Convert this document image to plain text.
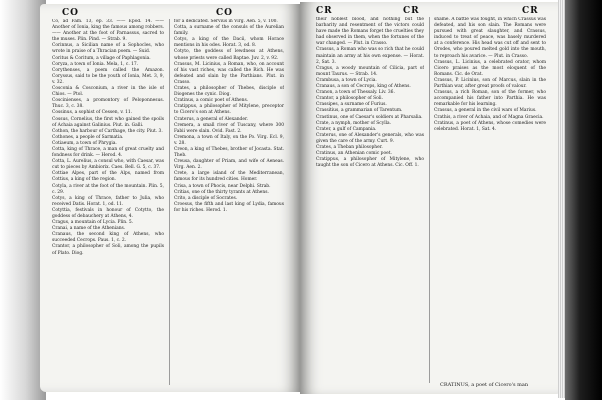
CO	CO

Co, ad Fam. 13, ep. 33. —— Epod. 14. —— Another of Ionia, king the famous among robbers. —— Another at the foot of Parnassus, sacred to the muses. Plin. Pind. — Strab. 9.

Corinnus, a Sicilian name of a Sophocles, who wrote in praise of a Thracian poem. — Suid.

Coritus & Coritum, a village of Paphlagonia.

Coryza, a town of Ionia. Mela, 1, c. 17.

Corythenses, a poem called the Amazon. Coryssus, said to be the youth of Ionia, Met. 3, 9, v. 32.

Cosconia & Cosconium, a river in the isle of Chios. — Ptol.

Coscinienses, a promontory of Peloponnesus. Thuc. 3, c. 38.

Cossinus, a sophist of Cessen, v. 11.

Cossus, Cornelius, the first who gained the spoils of Achaia against Galinius. Piut. in. Galli.

Cothon, the harbour of Carthage, the city. Piut. 3.

Cothones, a people of Sarmatia.

Cotiaeum, a town of Phrygia.

Cotta, king of Thrace, a man of great cruelty and fondness for drink. — Herod. 4.

Cotta, L. Aurelius, a consul who, with Caesar, was cut to pieces by Ambiorix. Caes. Bell. G. 5, c. 37.

Cottiae Alpes, part of the Alps, named from Cottius, a king of the region.

Cotyla, a river at the foot of the mountain. Plin. 5, c. 29.

Cotys, a king of Thrace, father to Julia, who received Datis. Horat. 1, od. 11.

Cotyttia, festivals in honour of Cotytto, the goddess of debauchery at Athens, 4.

Cragus, a mountain of Lycia. Plin. 5.

Cranai, a name of the Athenians.

Cranaus, the second king of Athens, who succeeded Cecrops. Paus. 1, c. 2.

Crantor, a philosopher of Soli, among the pupils of Plato. Diog.

for a dedicated. Servius in Virg. Aen. 5, v. 100.

Cotta, a surname of the consuls of the Aurelian family.

Cotys, a king of the Dacii, whom Horace mentions in his odes. Horat. 3, od. 8.

Cotyto, the goddess of lewdness at Athens, whose priests were called Baptae. Juv. 2, v. 92.

Crassus, M. Licinius, a Roman, who, on account of his vast riches, was called the Rich. He was defeated and slain by the Parthians. Plut. in Crasso.

Crates, a philosopher of Thebes, disciple of Diogenes the cynic. Diog.

Cratinus, a comic poet of Athens.

Cratippus, a philosopher of Mitylene, preceptor to Cicero's son at Athens.

Craterus, a general of Alexander.

Cremera, a small river of Tuscany, where 300 Fabii were slain. Ovid. Fast. 2.

Cremona, a town of Italy, on the Po. Virg. Ecl. 9, v. 28.

Creon, a king of Thebes, brother of Jocasta. Stat. Theb.

Creusa, daughter of Priam, and wife of Aeneas. Virg. Aen. 2.

Crete, a large island of the Mediterranean, famous for its hundred cities. Homer.

Crisa, a town of Phocis, near Delphi. Strab.

Critias, one of the thirty tyrants at Athens.

Crito, a disciple of Socrates.

Croesus, the fifth and last king of Lydia, famous for his riches. Herod. 1.

CR	CR	CR

their noblest blood, and nothing but the barbarity and resentment of the victors could have made the Romans forget the cruelties they had observed in them, when the fortunes of the war changed. — Plut. in Crasso.

Crassus, a Roman who was so rich that he could maintain an army at his own expense. — Horat. 2, Sat. 3.

Cragus, a woody mountain of Cilicia, part of mount Taurus. — Strab. 14.

Crambusa, a town of Lycia.

Cranaus, a son of Cecrops, king of Athens.

Cranon, a town of Thessaly. Liv. 36.

Crantor, a philosopher of Soli.

Crassipes, a surname of Furius.

Crassitius, a grammarian of Tarentum.

Crastinus, one of Caesar's soldiers at Pharsalia.

Crate, a nymph, mother of Scylla.

Crater, a gulf of Campania.

Craterus, one of Alexander's generals, who was given the care of the army. Curt. 9.

Crates, a Theban philosopher.

Cratinus, an Athenian comic poet.

Cratippus, a philosopher of Mitylene, who taught the son of Cicero at Athens. Cic. Off. 1.

shame. A battle was fought, in which Crassus was defeated, and his son slain. The Romans were pursued with great slaughter, and Crassus, induced to treat of peace, was basely murdered at a conference. His head was cut off and sent to Orodes, who poured melted gold into the mouth, to reproach his avarice. — Plut. in Crasso.

Crassus, L. Licinius, a celebrated orator, whom Cicero praises as the most eloquent of the Romans. Cic. de Orat.

Crassus, P. Licinius, son of Marcus, slain in the Parthian war, after great proofs of valour.

Crassus, a rich Roman, son of the former, who accompanied his father into Parthia. He was remarkable for his learning.

Crassus, a general in the civil wars of Marius.

Crathis, a river of Achaia, and of Magna Graecia.

Cratinus, a poet of Athens, whose comedies were celebrated. Horat. 1, Sat. 4.

CRATINUS, a poet of Cicero's man
